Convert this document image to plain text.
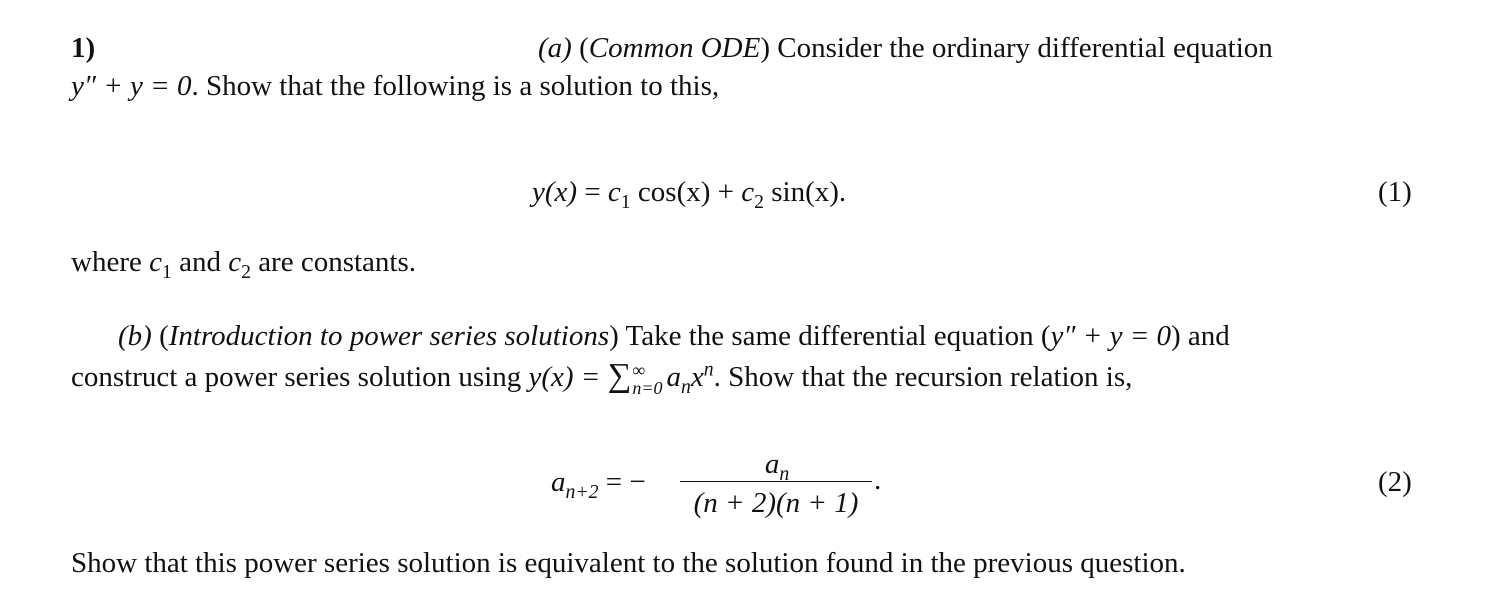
1)	(a) (Common ODE) Consider the ordinary differential equation
y″ + y = 0. Show that the following is a solution to this,
$y(x) = c_1$ $\cos(x) + c_2$ sin(x).	(1)
where $c_1$ and $c_2$ are constants.
(b) (Introduction to power series solutions) Take the same differential equation (y″ + y = 0) and
construct a power series solution using y(x) = ∑ ∞
n=0 $a_nx^n$. Show that the recursion relation is,
$a_{n+2}$ = −
$a_n$
(n + 2)(n + 1)
.	(2)
Show that this power series solution is equivalent to the solution found in the previous question.
